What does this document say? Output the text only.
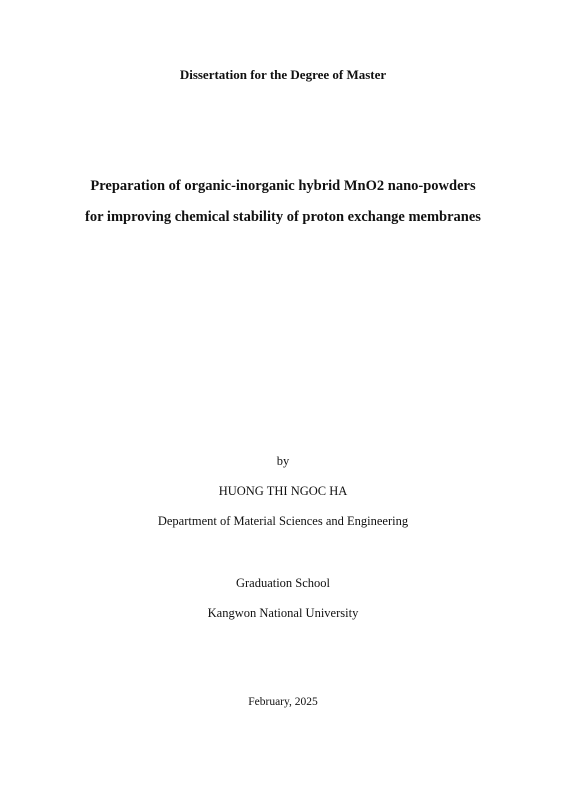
Dissertation for the Degree of Master
Preparation of organic-inorganic hybrid MnO2 nano-powders
for improving chemical stability of proton exchange membranes
by
HUONG THI NGOC HA
Department of Material Sciences and Engineering
Graduation School
Kangwon National University
February, 2025
